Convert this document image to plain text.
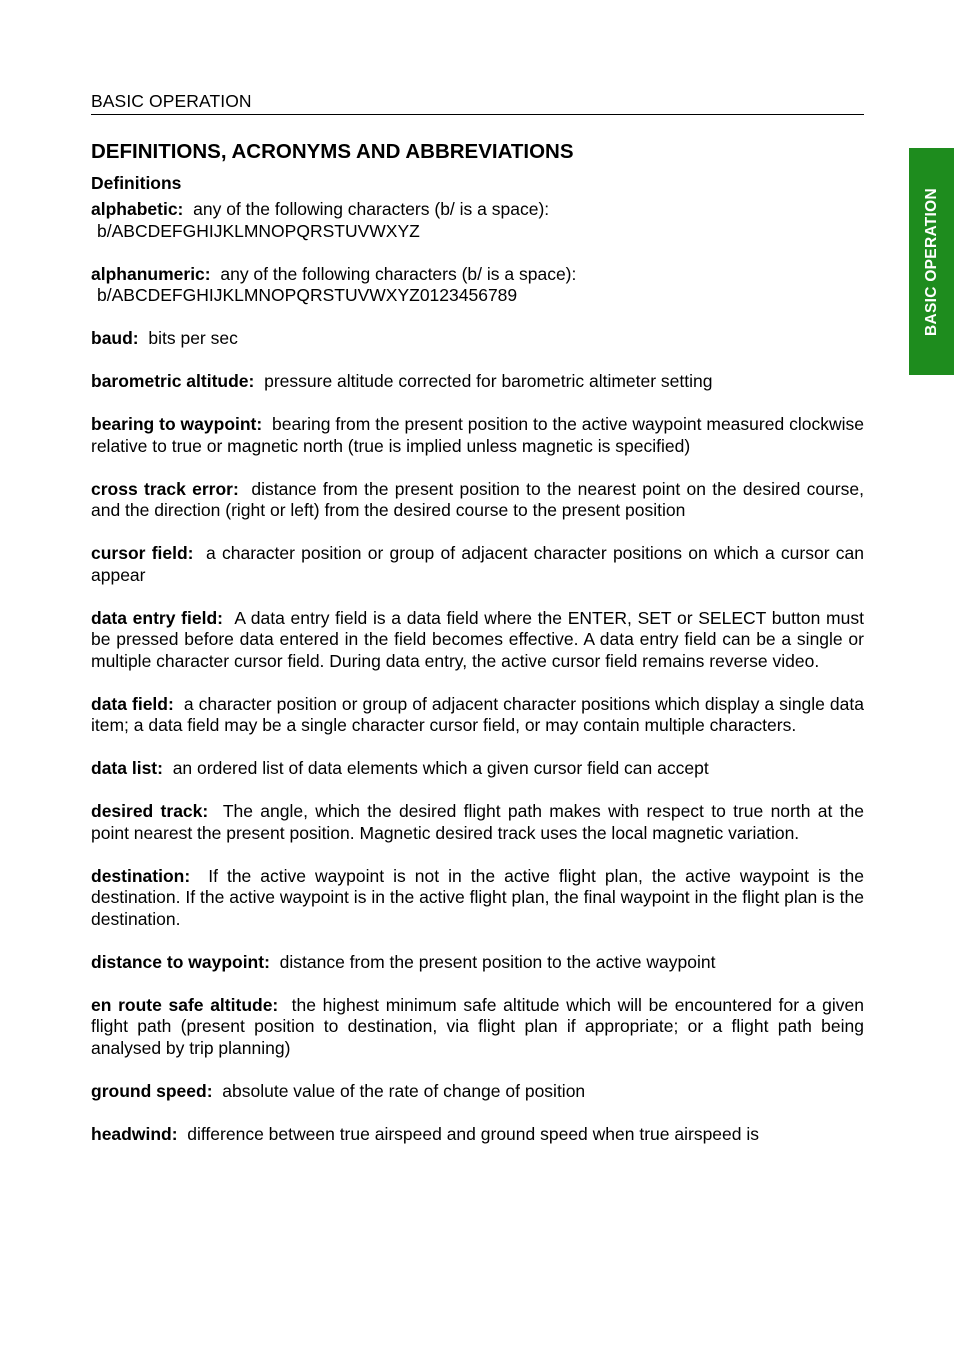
BASIC OPERATION
BASIC OPERATION
DEFINITIONS, ACRONYMS AND ABBREVIATIONS
Definitions

alphabetic: any of the following characters (b/ is a space):
b/ABCDEFGHIJKLMNOPQRSTUVWXYZ

alphanumeric: any of the following characters (b/ is a space):
b/ABCDEFGHIJKLMNOPQRSTUVWXYZ0123456789

baud: bits per sec

barometric altitude: pressure altitude corrected for barometric altimeter setting

bearing to waypoint: bearing from the present position to the active waypoint measured clockwise relative to true or magnetic north (true is implied unless magnetic is specified)

cross track error: distance from the present position to the nearest point on the desired course, and the direction (right or left) from the desired course to the present position

cursor field: a character position or group of adjacent character positions on which a cursor can appear

data entry field: A data entry field is a data field where the ENTER, SET or SELECT button must be pressed before data entered in the field becomes effective. A data entry field can be a single or multiple character cursor field. During data entry, the active cursor field remains reverse video.

data field: a character position or group of adjacent character positions which display a single data item; a data field may be a single character cursor field, or may contain multiple characters.

data list: an ordered list of data elements which a given cursor field can accept

desired track: The angle, which the desired flight path makes with respect to true north at the point nearest the present position. Magnetic desired track uses the local magnetic variation.

destination: If the active waypoint is not in the active flight plan, the active waypoint is the destination. If the active waypoint is in the active flight plan, the final waypoint in the flight plan is the destination.

distance to waypoint: distance from the present position to the active waypoint

en route safe altitude: the highest minimum safe altitude which will be encountered for a given flight path (present position to destination, via flight plan if appropriate; or a flight path being analysed by trip planning)

ground speed: absolute value of the rate of change of position

headwind: difference between true airspeed and ground speed when true airspeed is
